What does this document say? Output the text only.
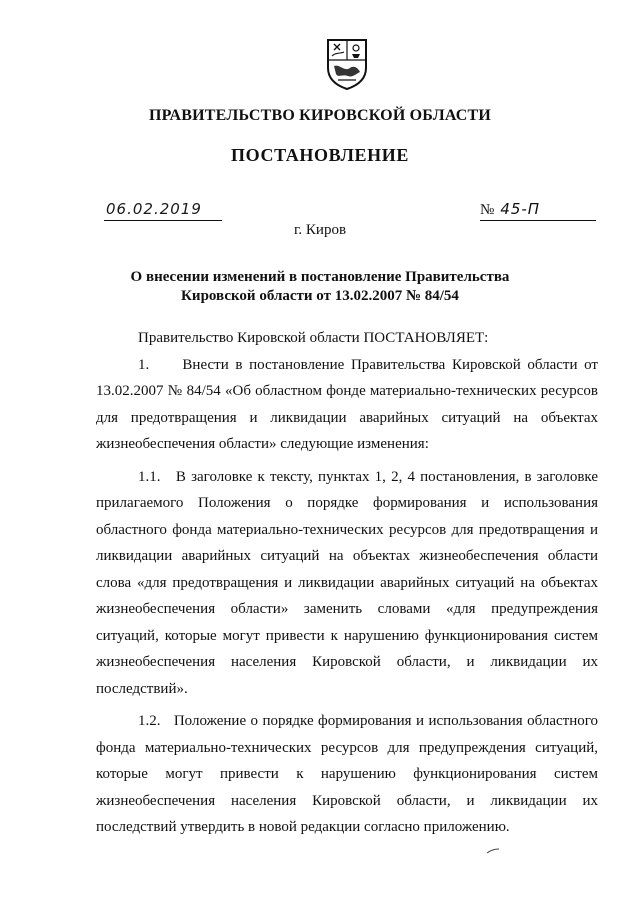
ПРАВИТЕЛЬСТВО КИРОВСКОЙ ОБЛАСТИ
ПОСТАНОВЛЕНИЕ
06.02.2019	№ 45-П
г. Киров
О внесении изменений в постановление Правительства
Кировской области от 13.02.2007 № 84/54

Правительство Кировской области ПОСТАНОВЛЯЕТ:

1.     Внести в постановление Правительства Кировской области от 13.02.2007 № 84/54 «Об областном фонде материально-технических ресурсов для предотвращения и ликвидации аварийных ситуаций на объектах жизнеобеспечения области» следующие изменения:

1.1.   В заголовке к тексту, пунктах 1, 2, 4 постановления, в заголовке прилагаемого Положения о порядке формирования и использования областного фонда материально-технических ресурсов для предотвращения и ликвидации аварийных ситуаций на объектах жизнеобеспечения области слова «для предотвращения и ликвидации аварийных ситуаций на объектах жизнеобеспечения области» заменить словами «для предупреждения ситуаций, которые могут привести к нарушению функционирования систем жизнеобеспечения населения Кировской области, и ликвидации их последствий».

1.2.   Положение о порядке формирования и использования областного фонда материально-технических ресурсов для предупреждения ситуаций, которые могут привести к нарушению функционирования систем жизнеобеспечения населения Кировской области, и ликвидации их последствий утвердить в новой редакции согласно приложению.
